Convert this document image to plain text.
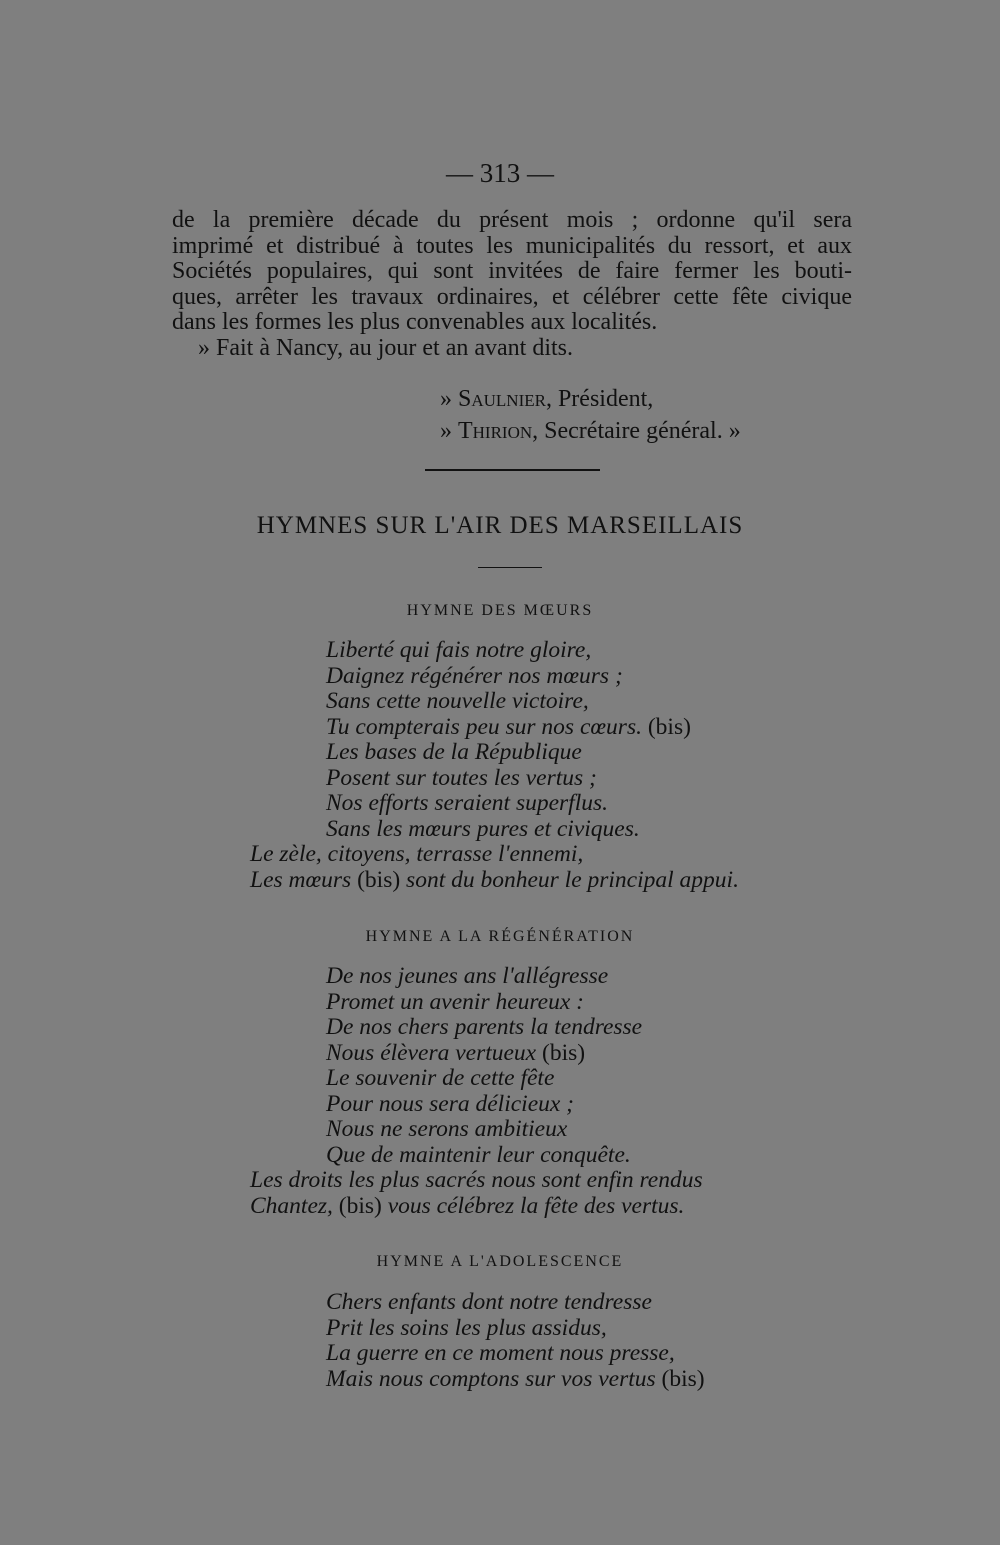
— 313 —
de la première décade du présent mois ; ordonne qu'il sera
imprimé et distribué à toutes les municipalités du ressort, et aux
Sociétés populaires, qui sont invitées de faire fermer les bouti-
ques, arrêter les travaux ordinaires, et célébrer cette fête civique
dans les formes les plus convenables aux localités.
» Fait à Nancy, au jour et an avant dits.
» Saulnier, Président,
» Thirion, Secrétaire général. »
HYMNES SUR L'AIR DES MARSEILLAIS
HYMNE DES MŒURS
Liberté qui fais notre gloire,
Daignez régénérer nos mœurs ;
Sans cette nouvelle victoire,
Tu compterais peu sur nos cœurs. (bis)
Les bases de la République
Posent sur toutes les vertus ;
Nos efforts seraient superflus.
Sans les mœurs pures et civiques.
Le zèle, citoyens, terrasse l'ennemi,
Les mœurs (bis) sont du bonheur le principal appui.
HYMNE A LA RÉGÉNÉRATION
De nos jeunes ans l'allégresse
Promet un avenir heureux :
De nos chers parents la tendresse
Nous élèvera vertueux (bis)
Le souvenir de cette fête
Pour nous sera délicieux ;
Nous ne serons ambitieux
Que de maintenir leur conquête.
Les droits les plus sacrés nous sont enfin rendus
Chantez, (bis) vous célébrez la fête des vertus.
HYMNE A L'ADOLESCENCE
Chers enfants dont notre tendresse
Prit les soins les plus assidus,
La guerre en ce moment nous presse,
Mais nous comptons sur vos vertus (bis)
